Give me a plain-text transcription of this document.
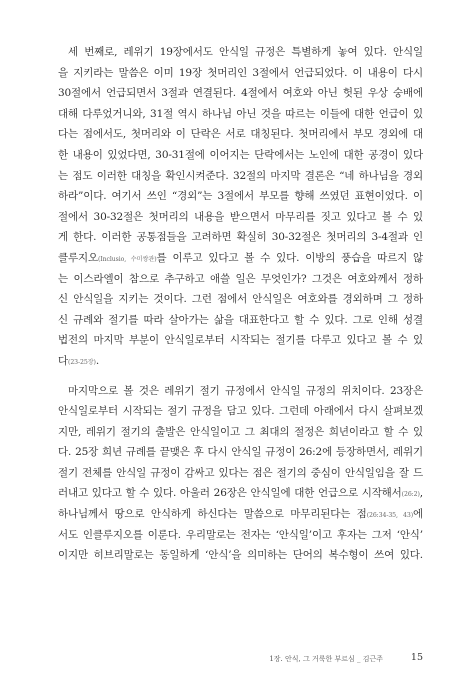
세 번째로, 레위기 19장에서도 안식일 규정은 특별하게 놓여 있다. 안식일
을 지키라는 말씀은 이미 19장 첫머리인 3절에서 언급되었다. 이 내용이 다시
30절에서 언급되면서 3절과 연결된다. 4절에서 여호와 아닌 헛된 우상 숭배에
대해 다루었거니와, 31절 역시 하나님 아닌 것을 따르는 이들에 대한 언급이 있
다는 점에서도, 첫머리와 이 단락은 서로 대칭된다. 첫머리에서 부모 경외에 대
한 내용이 있었다면, 30-31절에 이어지는 단락에서는 노인에 대한 공경이 있다
는 점도 이러한 대칭을 확인시켜준다. 32절의 마지막 결론은 “네 하나님을 경외
하라”이다. 여기서 쓰인 “경외”는 3절에서 부모를 향해 쓰였던 표현이었다. 이
절에서 30-32절은 첫머리의 내용을 받으면서 마무리를 짓고 있다고 볼 수 있
게 한다. 이러한 공통점들을 고려하면 확실히 30-32절은 첫머리의 3-4절과 인
클루지오(Inclusio, 수미쌍관)를 이루고 있다고 볼 수 있다. 이방의 풍습을 따르지 않
는 이스라엘이 참으로 추구하고 애쓸 일은 무엇인가? 그것은 여호와께서 정하
신 안식일을 지키는 것이다. 그런 점에서 안식일은 여호와를 경외하며 그 정하
신 규례와 절기를 따라 살아가는 삶을 대표한다고 할 수 있다. 그로 인해 성결
법전의 마지막 부분이 안식일로부터 시작되는 절기를 다루고 있다고 볼 수 있
다(23-25장).
마지막으로 볼 것은 레위기 절기 규정에서 안식일 규정의 위치이다. 23장은
안식일로부터 시작되는 절기 규정을 담고 있다. 그런데 아래에서 다시 살펴보겠
지만, 레위기 절기의 출발은 안식일이고 그 최대의 절정은 희년이라고 할 수 있
다. 25장 희년 규례를 끝맺은 후 다시 안식일 규정이 26:2에 등장하면서, 레위기
절기 전체를 안식일 규정이 감싸고 있다는 점은 절기의 중심이 안식일임을 잘 드
러내고 있다고 할 수 있다. 아울러 26장은 안식일에 대한 언급으로 시작해서(26:2),
하나님께서 땅으로 안식하게 하신다는 말씀으로 마무리된다는 점(26:34-35, 43)에
서도 인클루지오를 이룬다. 우리말로는 전자는 ‘안식일’이고 후자는 그저 ‘안식’
이지만 히브리말로는 동일하게 ‘안식’을 의미하는 단어의 복수형이 쓰여 있다.
1장. 안식, 그 거룩한 부르심 _ 김근주	15
